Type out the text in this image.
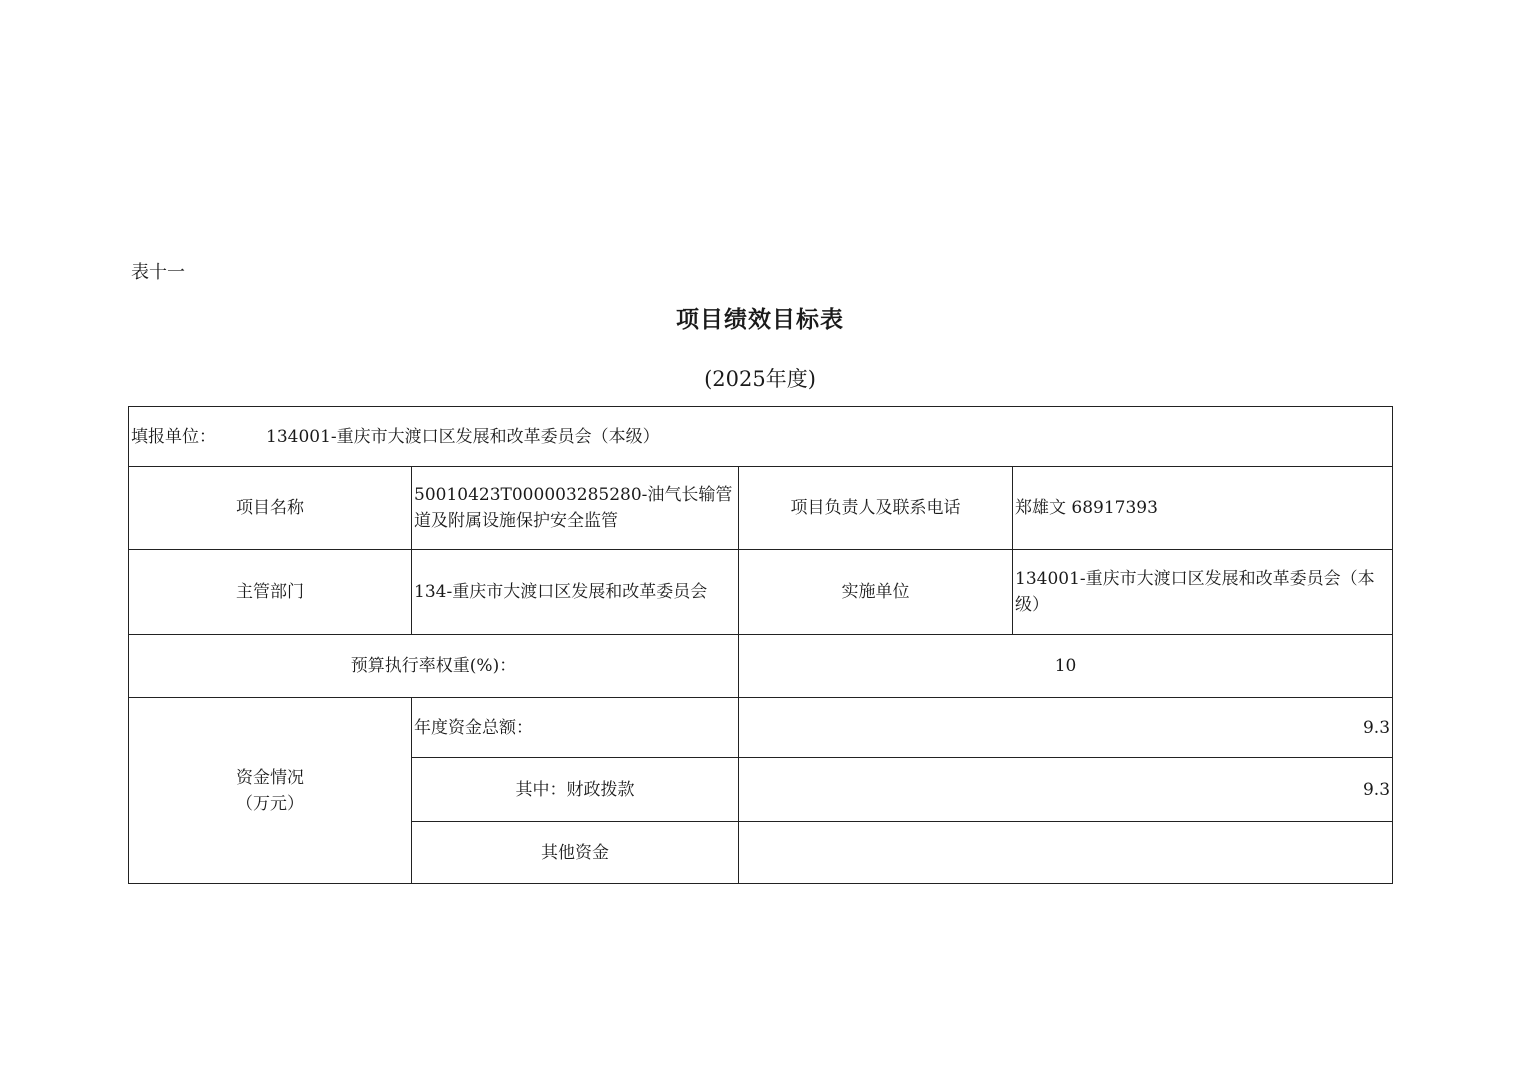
表十一
项目绩效目标表
(2025年度)
填报单位： 134001-重庆市大渡口区发展和改革委员会（本级）			
项目名称	50010423T000003285280-油气长输管道及附属设施保护安全监管	项目负责人及联系电话	郑雄文 68917393
主管部门	134-重庆市大渡口区发展和改革委员会	实施单位	134001-重庆市大渡口区发展和改革委员会（本级）
预算执行率权重(%)：		10	

资金情况
（万元）	年度资金总额：	9.3	
	其中：财政拨款	9.3	
	其他资金		
